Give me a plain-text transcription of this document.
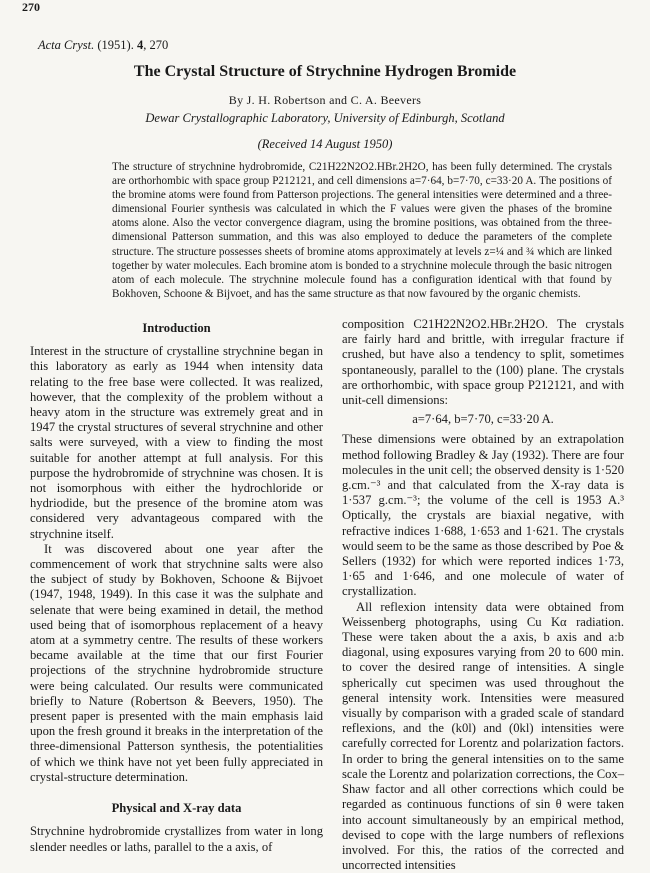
270
Acta Cryst. (1951). 4, 270
The Crystal Structure of Strychnine Hydrogen Bromide
By J. H. Robertson and C. A. Beevers
Dewar Crystallographic Laboratory, University of Edinburgh, Scotland
(Received 14 August 1950)

The structure of strychnine hydrobromide, C21H22N2O2.HBr.2H2O, has been fully determined. The crystals are orthorhombic with space group P212121, and cell dimensions a=7·64, b=7·70, c=33·20 A. The positions of the bromine atoms were found from Patterson projections. The general intensities were determined and a three-dimensional Fourier synthesis was calculated in which the F values were given the phases of the bromine atoms alone. Also the vector convergence diagram, using the bromine positions, was obtained from the three-dimensional Patterson summation, and this was also employed to deduce the parameters of the complete structure. The structure possesses sheets of bromine atoms approximately at levels z=¼ and ¾ which are linked together by water molecules. Each bromine atom is bonded to a strychnine molecule through the basic nitrogen atom of each molecule. The strychnine molecule found has a configuration identical with that found by Bokhoven, Schoone & Bijvoet, and has the same structure as that now favoured by the organic chemists.

Introduction

Interest in the structure of crystalline strychnine began in this laboratory as early as 1944 when intensity data relating to the free base were collected. It was realized, however, that the complexity of the problem without a heavy atom in the structure was extremely great and in 1947 the crystal structures of several strychnine and other salts were surveyed, with a view to finding the most suitable for another attempt at full analysis. For this purpose the hydrobromide of strychnine was chosen. It is not isomorphous with either the hydrochloride or hydriodide, but the presence of the bromine atom was considered very advantageous compared with the strychnine itself.

It was discovered about one year after the commencement of work that strychnine salts were also the subject of study by Bokhoven, Schoone & Bijvoet (1947, 1948, 1949). In this case it was the sulphate and selenate that were being examined in detail, the method used being that of isomorphous replacement of a heavy atom at a symmetry centre. The results of these workers became available at the time that our first Fourier projections of the strychnine hydrobromide structure were being calculated. Our results were communicated briefly to Nature (Robertson & Beevers, 1950). The present paper is presented with the main emphasis laid upon the fresh ground it breaks in the interpretation of the three-dimensional Patterson synthesis, the potentialities of which we think have not yet been fully appreciated in crystal-structure determination.

Physical and X-ray data

Strychnine hydrobromide crystallizes from water in long slender needles or laths, parallel to the a axis, of

composition C21H22N2O2.HBr.2H2O. The crystals are fairly hard and brittle, with irregular fracture if crushed, but have also a tendency to split, sometimes spontaneously, parallel to the (100) plane. The crystals are orthorhombic, with space group P212121, and with unit-cell dimensions:

a=7·64, b=7·70, c=33·20 A.

These dimensions were obtained by an extrapolation method following Bradley & Jay (1932). There are four molecules in the unit cell; the observed density is 1·520 g.cm.⁻³ and that calculated from the X-ray data is 1·537 g.cm.⁻³; the volume of the cell is 1953 A.³ Optically, the crystals are biaxial negative, with refractive indices 1·688, 1·653 and 1·621. The crystals would seem to be the same as those described by Poe & Sellers (1932) for which were reported indices 1·73, 1·65 and 1·646, and one molecule of water of crystallization.

All reflexion intensity data were obtained from Weissenberg photographs, using Cu Kα radiation. These were taken about the a axis, b axis and a:b diagonal, using exposures varying from 20 to 600 min. to cover the desired range of intensities. A single spherically cut specimen was used throughout the general intensity work. Intensities were measured visually by comparison with a graded scale of standard reflexions, and the (k0l) and (0kl) intensities were carefully corrected for Lorentz and polarization factors. In order to bring the general intensities on to the same scale the Lorentz and polarization corrections, the Cox–Shaw factor and all other corrections which could be regarded as continuous functions of sin θ were taken into account simultaneously by an empirical method, devised to cope with the large numbers of reflexions involved. For this, the ratios of the corrected and uncorrected intensities
